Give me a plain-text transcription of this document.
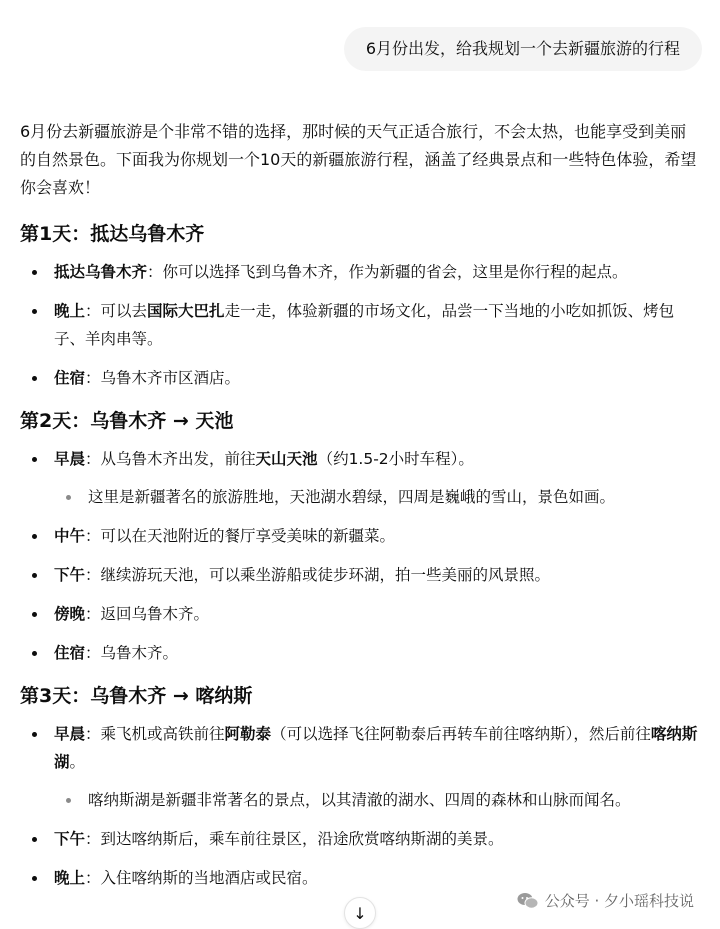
6月份出发，给我规划一个去新疆旅游的行程

6月份去新疆旅游是个非常不错的选择，那时候的天气正适合旅行，不会太热，也能享受到美丽的自然景色。下面我为你规划一个10天的新疆旅游行程，涵盖了经典景点和一些特色体验，希望你会喜欢！

第1天：抵达乌鲁木齐
抵达乌鲁木齐：你可以选择飞到乌鲁木齐，作为新疆的省会，这里是你行程的起点。
晚上：可以去国际大巴扎走一走，体验新疆的市场文化，品尝一下当地的小吃如抓饭、烤包子、羊肉串等。
住宿：乌鲁木齐市区酒店。
第2天：乌鲁木齐 → 天池
早晨：从乌鲁木齐出发，前往天山天池（约1.5-2小时车程）。
这里是新疆著名的旅游胜地，天池湖水碧绿，四周是巍峨的雪山，景色如画。
中午：可以在天池附近的餐厅享受美味的新疆菜。
下午：继续游玩天池，可以乘坐游船或徒步环湖，拍一些美丽的风景照。
傍晚：返回乌鲁木齐。
住宿：乌鲁木齐。
第3天：乌鲁木齐 → 喀纳斯
早晨：乘飞机或高铁前往阿勒泰（可以选择飞往阿勒泰后再转车前往喀纳斯），然后前往喀纳斯湖。
喀纳斯湖是新疆非常著名的景点，以其清澈的湖水、四周的森林和山脉而闻名。
下午：到达喀纳斯后，乘车前往景区，沿途欣赏喀纳斯湖的美景。
晚上：入住喀纳斯的当地酒店或民宿。
公众号 · 夕小瑶科技说
↓
